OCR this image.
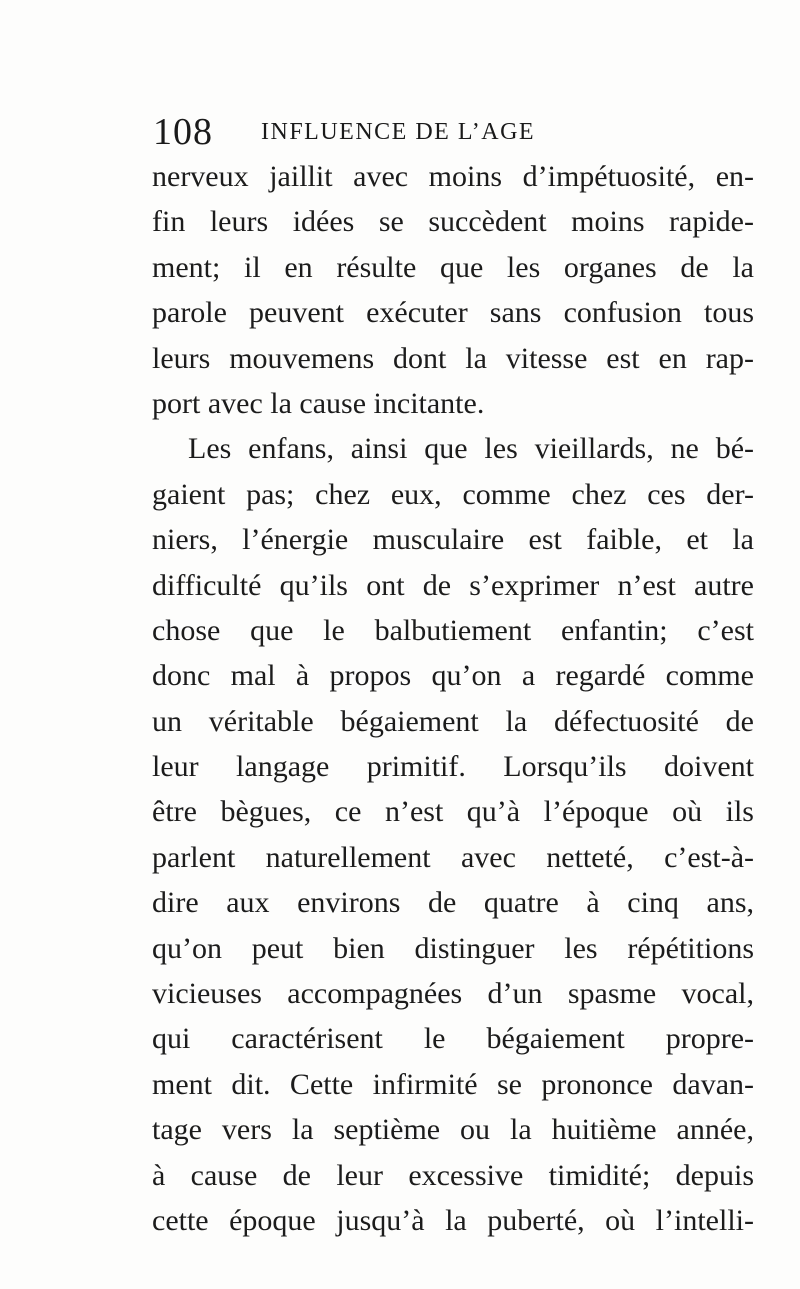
108 INFLUENCE DE L’AGE
nerveux jaillit avec moins d’impétuosité, en-
fin leurs idées se succèdent moins rapide-
ment; il en résulte que les organes de la
parole peuvent exécuter sans confusion tous
leurs mouvemens dont la vitesse est en rap-
port avec la cause incitante.
Les enfans, ainsi que les vieillards, ne bé-
gaient pas; chez eux, comme chez ces der-
niers, l’énergie musculaire est faible, et la
difficulté qu’ils ont de s’exprimer n’est autre
chose que le balbutiement enfantin; c’est
donc mal à propos qu’on a regardé comme
un véritable bégaiement la défectuosité de
leur langage primitif. Lorsqu’ils doivent
être bègues, ce n’est qu’à l’époque où ils
parlent naturellement avec netteté, c’est-à-
dire aux environs de quatre à cinq ans,
qu’on peut bien distinguer les répétitions
vicieuses accompagnées d’un spasme vocal,
qui caractérisent le bégaiement propre-
ment dit. Cette infirmité se prononce davan-
tage vers la septième ou la huitième année,
à cause de leur excessive timidité; depuis
cette époque jusqu’à la puberté, où l’intelli-
